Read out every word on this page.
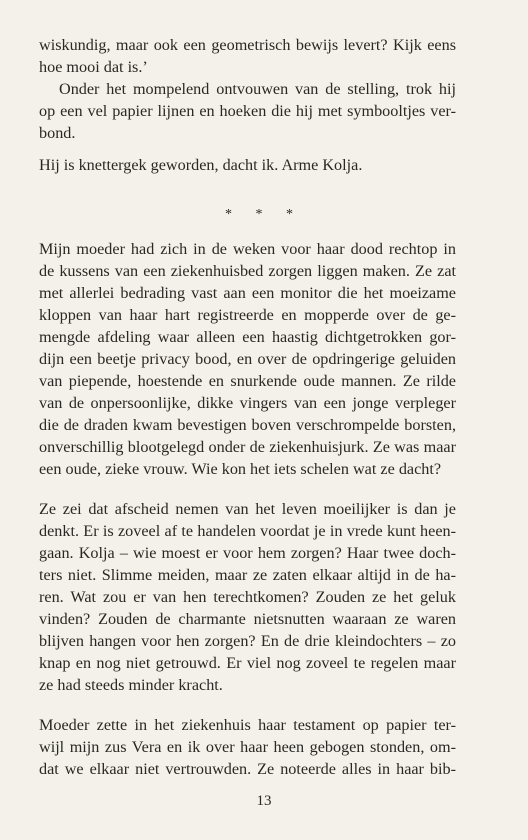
wiskundig, maar ook een geometrisch bewijs levert? Kijk eens
hoe mooi dat is.’
Onder het mompelend ontvouwen van de stelling, trok hij
op een vel papier lijnen en hoeken die hij met symbooltjes ver-
bond.
Hij is knettergek geworden, dacht ik. Arme Kolja.
Mijn moeder had zich in de weken voor haar dood rechtop in
de kussens van een ziekenhuisbed zorgen liggen maken. Ze zat
met allerlei bedrading vast aan een monitor die het moeizame
kloppen van haar hart registreerde en mopperde over de ge-
mengde afdeling waar alleen een haastig dichtgetrokken gor-
dijn een beetje privacy bood, en over de opdringerige geluiden
van piepende, hoestende en snurkende oude mannen. Ze rilde
van de onpersoonlijke, dikke vingers van een jonge verpleger
die de draden kwam bevestigen boven verschrompelde borsten,
onverschillig blootgelegd onder de ziekenhuisjurk. Ze was maar
een oude, zieke vrouw. Wie kon het iets schelen wat ze dacht?
Ze zei dat afscheid nemen van het leven moeilijker is dan je
denkt. Er is zoveel af te handelen voordat je in vrede kunt heen-
gaan. Kolja – wie moest er voor hem zorgen? Haar twee doch-
ters niet. Slimme meiden, maar ze zaten elkaar altijd in de ha-
ren. Wat zou er van hen terechtkomen? Zouden ze het geluk
vinden? Zouden de charmante nietsnutten waaraan ze waren
blijven hangen voor hen zorgen? En de drie kleindochters – zo
knap en nog niet getrouwd. Er viel nog zoveel te regelen maar
ze had steeds minder kracht.
Moeder zette in het ziekenhuis haar testament op papier ter-
wijl mijn zus Vera en ik over haar heen gebogen stonden, om-
dat we elkaar niet vertrouwden. Ze noteerde alles in haar bib-
* * *
13
